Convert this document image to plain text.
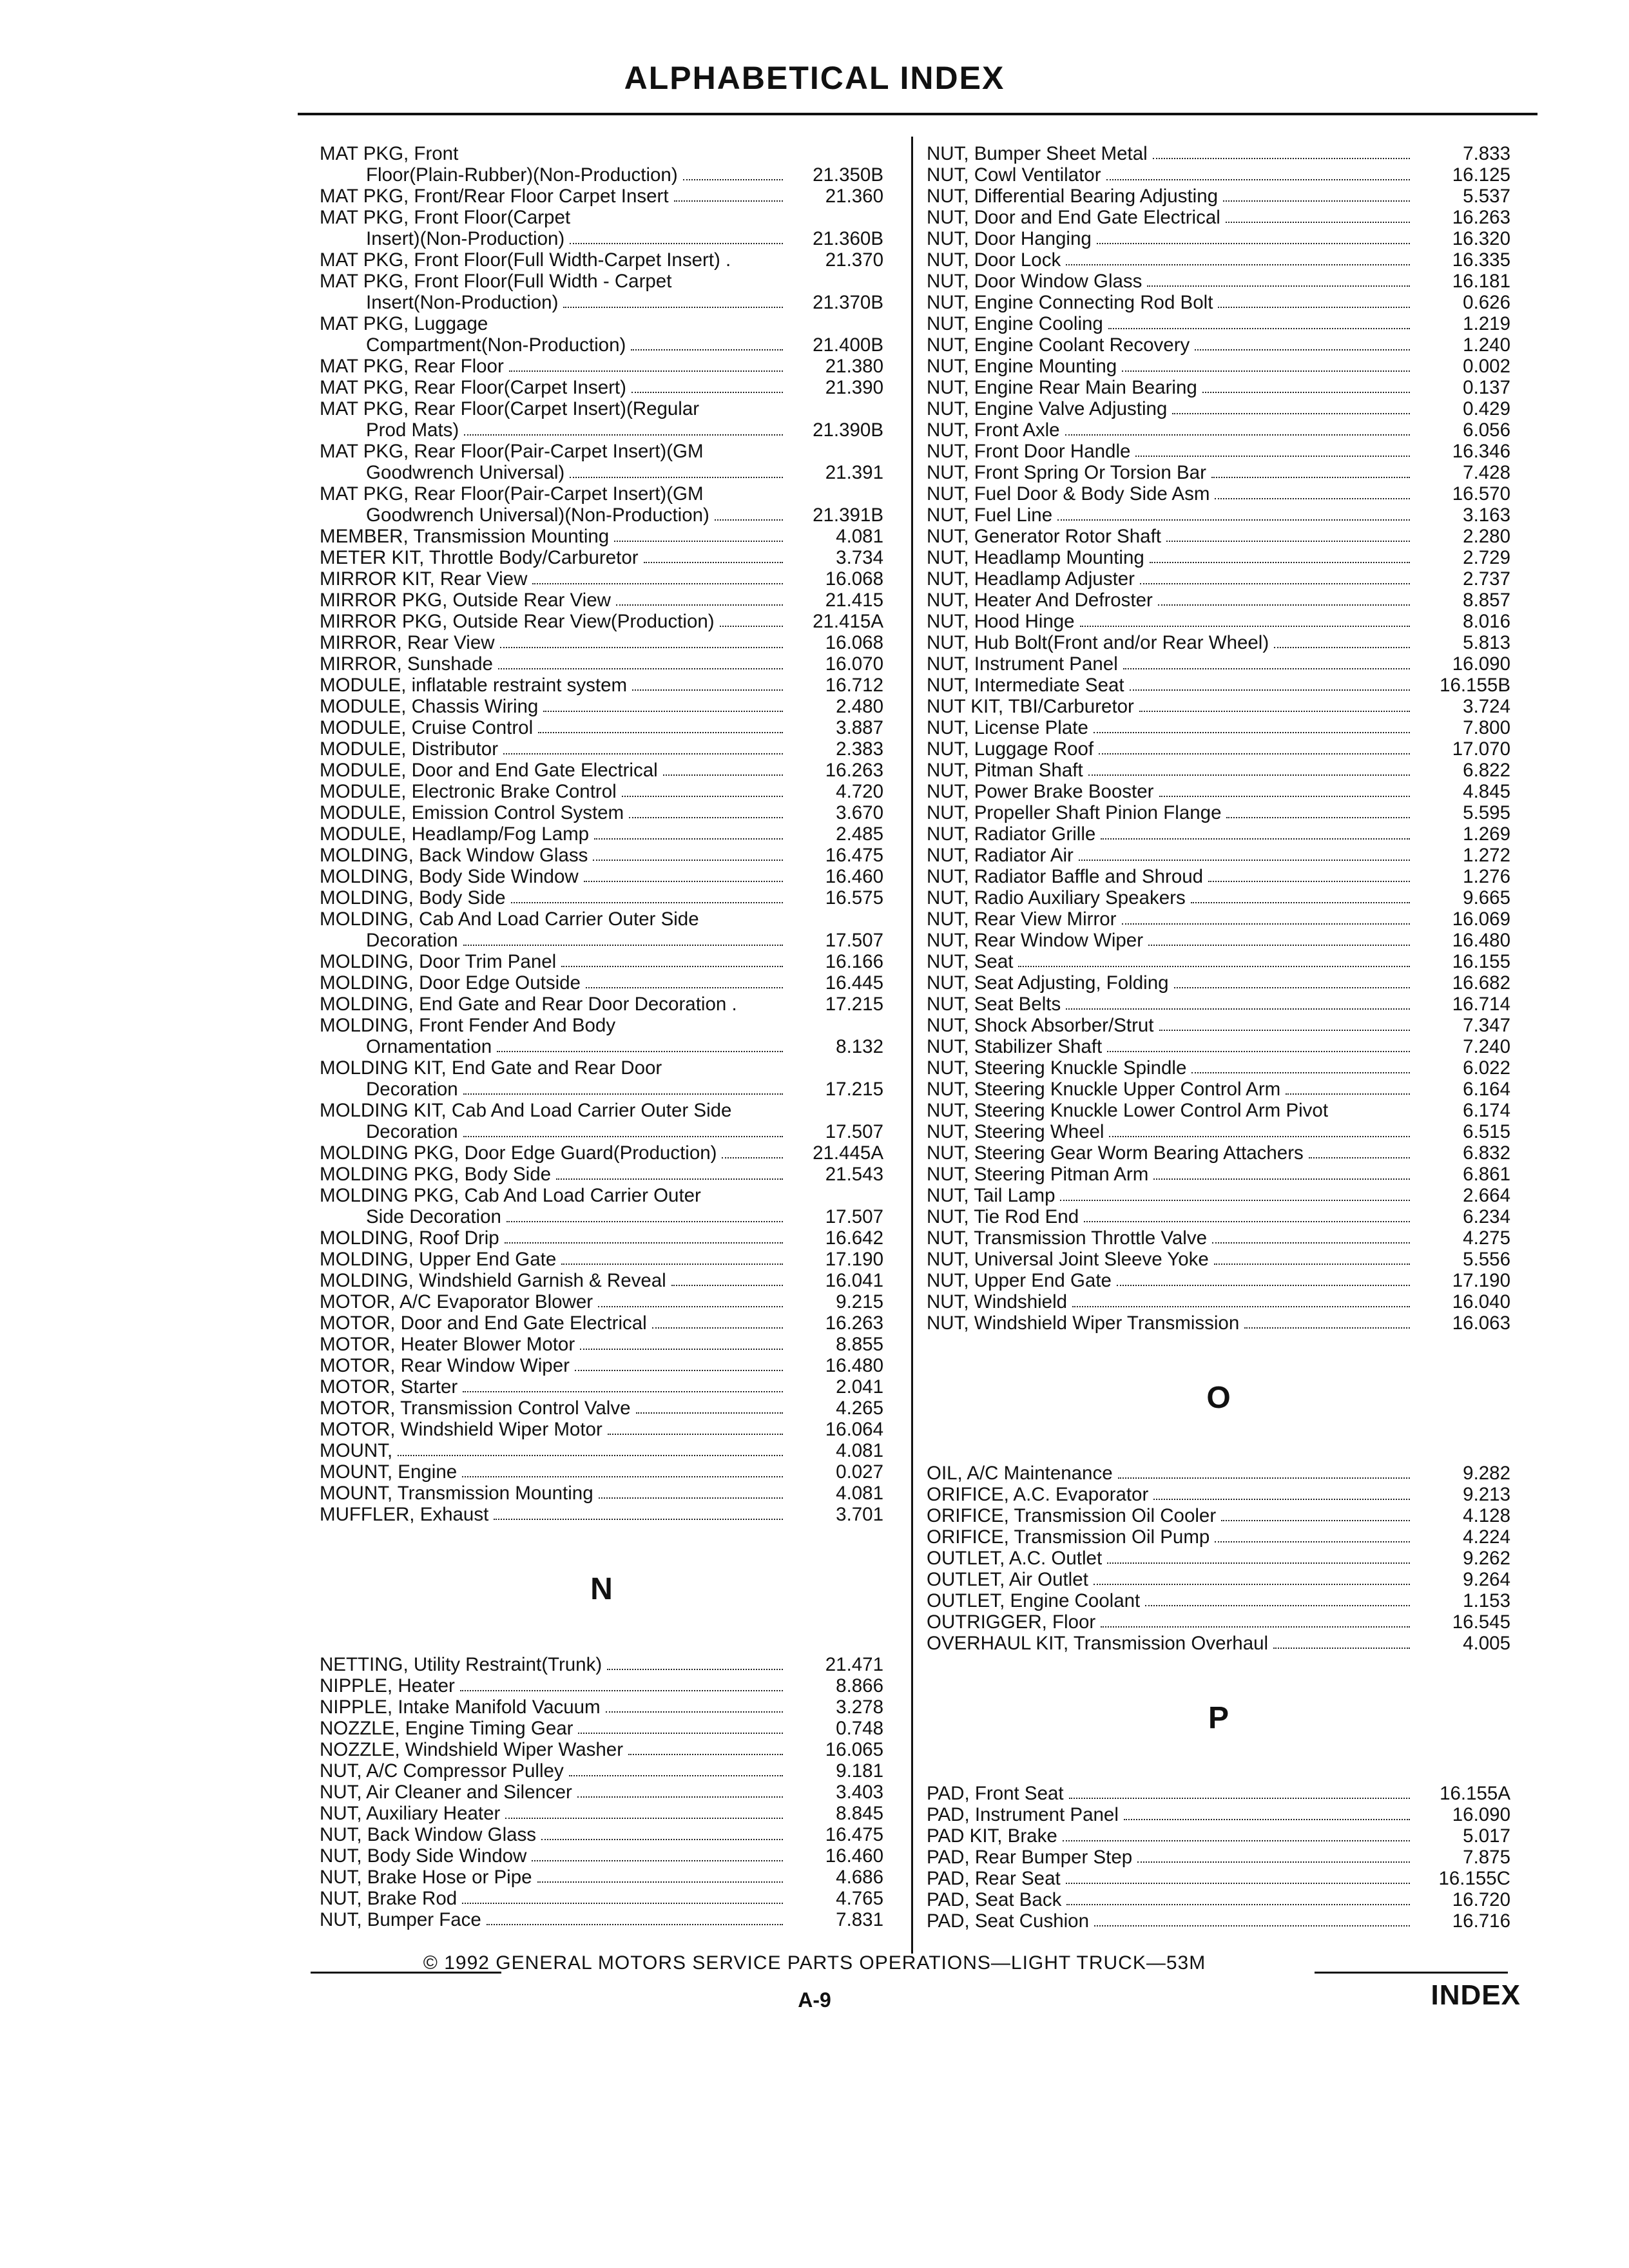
ALPHABETICAL INDEX
MAT PKG, Front
Floor(Plain-Rubber)(Non-Production)	21.350B
MAT PKG, Front/Rear Floor Carpet Insert	21.360
MAT PKG, Front Floor(Carpet
Insert)(Non-Production)	21.360B
MAT PKG, Front Floor(Full Width-Carpet Insert) .	21.370
MAT PKG, Front Floor(Full Width - Carpet
Insert(Non-Production)	21.370B
MAT PKG, Luggage
Compartment(Non-Production)	21.400B
MAT PKG, Rear Floor	21.380
MAT PKG, Rear Floor(Carpet Insert)	21.390
MAT PKG, Rear Floor(Carpet Insert)(Regular
Prod Mats)	21.390B
MAT PKG, Rear Floor(Pair-Carpet Insert)(GM
Goodwrench Universal)	21.391
MAT PKG, Rear Floor(Pair-Carpet Insert)(GM
Goodwrench Universal)(Non-Production)	21.391B
MEMBER, Transmission Mounting	4.081
METER KIT, Throttle Body/Carburetor	3.734
MIRROR KIT, Rear View	16.068
MIRROR PKG, Outside Rear View	21.415
MIRROR PKG, Outside Rear View(Production)	21.415A
MIRROR, Rear View	16.068
MIRROR, Sunshade	16.070
MODULE, inflatable restraint system	16.712
MODULE, Chassis Wiring	2.480
MODULE, Cruise Control	3.887
MODULE, Distributor	2.383
MODULE, Door and End Gate Electrical	16.263
MODULE, Electronic Brake Control	4.720
MODULE, Emission Control System	3.670
MODULE, Headlamp/Fog Lamp	2.485
MOLDING, Back Window Glass	16.475
MOLDING, Body Side Window	16.460
MOLDING, Body Side	16.575
MOLDING, Cab And Load Carrier Outer Side
Decoration	17.507
MOLDING, Door Trim Panel	16.166
MOLDING, Door Edge Outside	16.445
MOLDING, End Gate and Rear Door Decoration .	17.215
MOLDING, Front Fender And Body
Ornamentation	8.132
MOLDING KIT, End Gate and Rear Door
Decoration	17.215
MOLDING KIT, Cab And Load Carrier Outer Side
Decoration	17.507
MOLDING PKG, Door Edge Guard(Production)	21.445A
MOLDING PKG, Body Side	21.543
MOLDING PKG, Cab And Load Carrier Outer
Side Decoration	17.507
MOLDING, Roof Drip	16.642
MOLDING, Upper End Gate	17.190
MOLDING, Windshield Garnish & Reveal	16.041
MOTOR, A/C Evaporator Blower	9.215
MOTOR, Door and End Gate Electrical	16.263
MOTOR, Heater Blower Motor	8.855
MOTOR, Rear Window Wiper	16.480
MOTOR, Starter	2.041
MOTOR, Transmission Control Valve	4.265
MOTOR, Windshield Wiper Motor	16.064
MOUNT,	4.081
MOUNT, Engine	0.027
MOUNT, Transmission Mounting	4.081
MUFFLER, Exhaust	3.701
N
NETTING, Utility Restraint(Trunk)	21.471
NIPPLE, Heater	8.866
NIPPLE, Intake Manifold Vacuum	3.278
NOZZLE, Engine Timing Gear	0.748
NOZZLE, Windshield Wiper Washer	16.065
NUT, A/C Compressor Pulley	9.181
NUT, Air Cleaner and Silencer	3.403
NUT, Auxiliary Heater	8.845
NUT, Back Window Glass	16.475
NUT, Body Side Window	16.460
NUT, Brake Hose or Pipe	4.686
NUT, Brake Rod	4.765
NUT, Bumper Face	7.831
NUT, Bumper Sheet Metal	7.833
NUT, Cowl Ventilator	16.125
NUT, Differential Bearing Adjusting	5.537
NUT, Door and End Gate Electrical	16.263
NUT, Door Hanging	16.320
NUT, Door Lock	16.335
NUT, Door Window Glass	16.181
NUT, Engine Connecting Rod Bolt	0.626
NUT, Engine Cooling	1.219
NUT, Engine Coolant Recovery	1.240
NUT, Engine Mounting	0.002
NUT, Engine Rear Main Bearing	0.137
NUT, Engine Valve Adjusting	0.429
NUT, Front Axle	6.056
NUT, Front Door Handle	16.346
NUT, Front Spring Or Torsion Bar	7.428
NUT, Fuel Door & Body Side Asm	16.570
NUT, Fuel Line	3.163
NUT, Generator Rotor Shaft	2.280
NUT, Headlamp Mounting	2.729
NUT, Headlamp Adjuster	2.737
NUT, Heater And Defroster	8.857
NUT, Hood Hinge	8.016
NUT, Hub Bolt(Front and/or Rear Wheel)	5.813
NUT, Instrument Panel	16.090
NUT, Intermediate Seat	16.155B
NUT KIT, TBI/Carburetor	3.724
NUT, License Plate	7.800
NUT, Luggage Roof	17.070
NUT, Pitman Shaft	6.822
NUT, Power Brake Booster	4.845
NUT, Propeller Shaft Pinion Flange	5.595
NUT, Radiator Grille	1.269
NUT, Radiator Air	1.272
NUT, Radiator Baffle and Shroud	1.276
NUT, Radio Auxiliary Speakers	9.665
NUT, Rear View Mirror	16.069
NUT, Rear Window Wiper	16.480
NUT, Seat	16.155
NUT, Seat Adjusting, Folding	16.682
NUT, Seat Belts	16.714
NUT, Shock Absorber/Strut	7.347
NUT, Stabilizer Shaft	7.240
NUT, Steering Knuckle Spindle	6.022
NUT, Steering Knuckle Upper Control Arm	6.164
NUT, Steering Knuckle Lower Control Arm Pivot	6.174
NUT, Steering Wheel	6.515
NUT, Steering Gear Worm Bearing Attachers	6.832
NUT, Steering Pitman Arm	6.861
NUT, Tail Lamp	2.664
NUT, Tie Rod End	6.234
NUT, Transmission Throttle Valve	4.275
NUT, Universal Joint Sleeve Yoke	5.556
NUT, Upper End Gate	17.190
NUT, Windshield	16.040
NUT, Windshield Wiper Transmission	16.063
O
OIL, A/C Maintenance	9.282
ORIFICE, A.C. Evaporator	9.213
ORIFICE, Transmission Oil Cooler	4.128
ORIFICE, Transmission Oil Pump	4.224
OUTLET, A.C. Outlet	9.262
OUTLET, Air Outlet	9.264
OUTLET, Engine Coolant	1.153
OUTRIGGER, Floor	16.545
OVERHAUL KIT, Transmission Overhaul	4.005
P
PAD, Front Seat	16.155A
PAD, Instrument Panel	16.090
PAD KIT, Brake	5.017
PAD, Rear Bumper Step	7.875
PAD, Rear Seat	16.155C
PAD, Seat Back	16.720
PAD, Seat Cushion	16.716
© 1992 GENERAL MOTORS SERVICE PARTS OPERATIONS—LIGHT TRUCK—53M
A-9	INDEX
